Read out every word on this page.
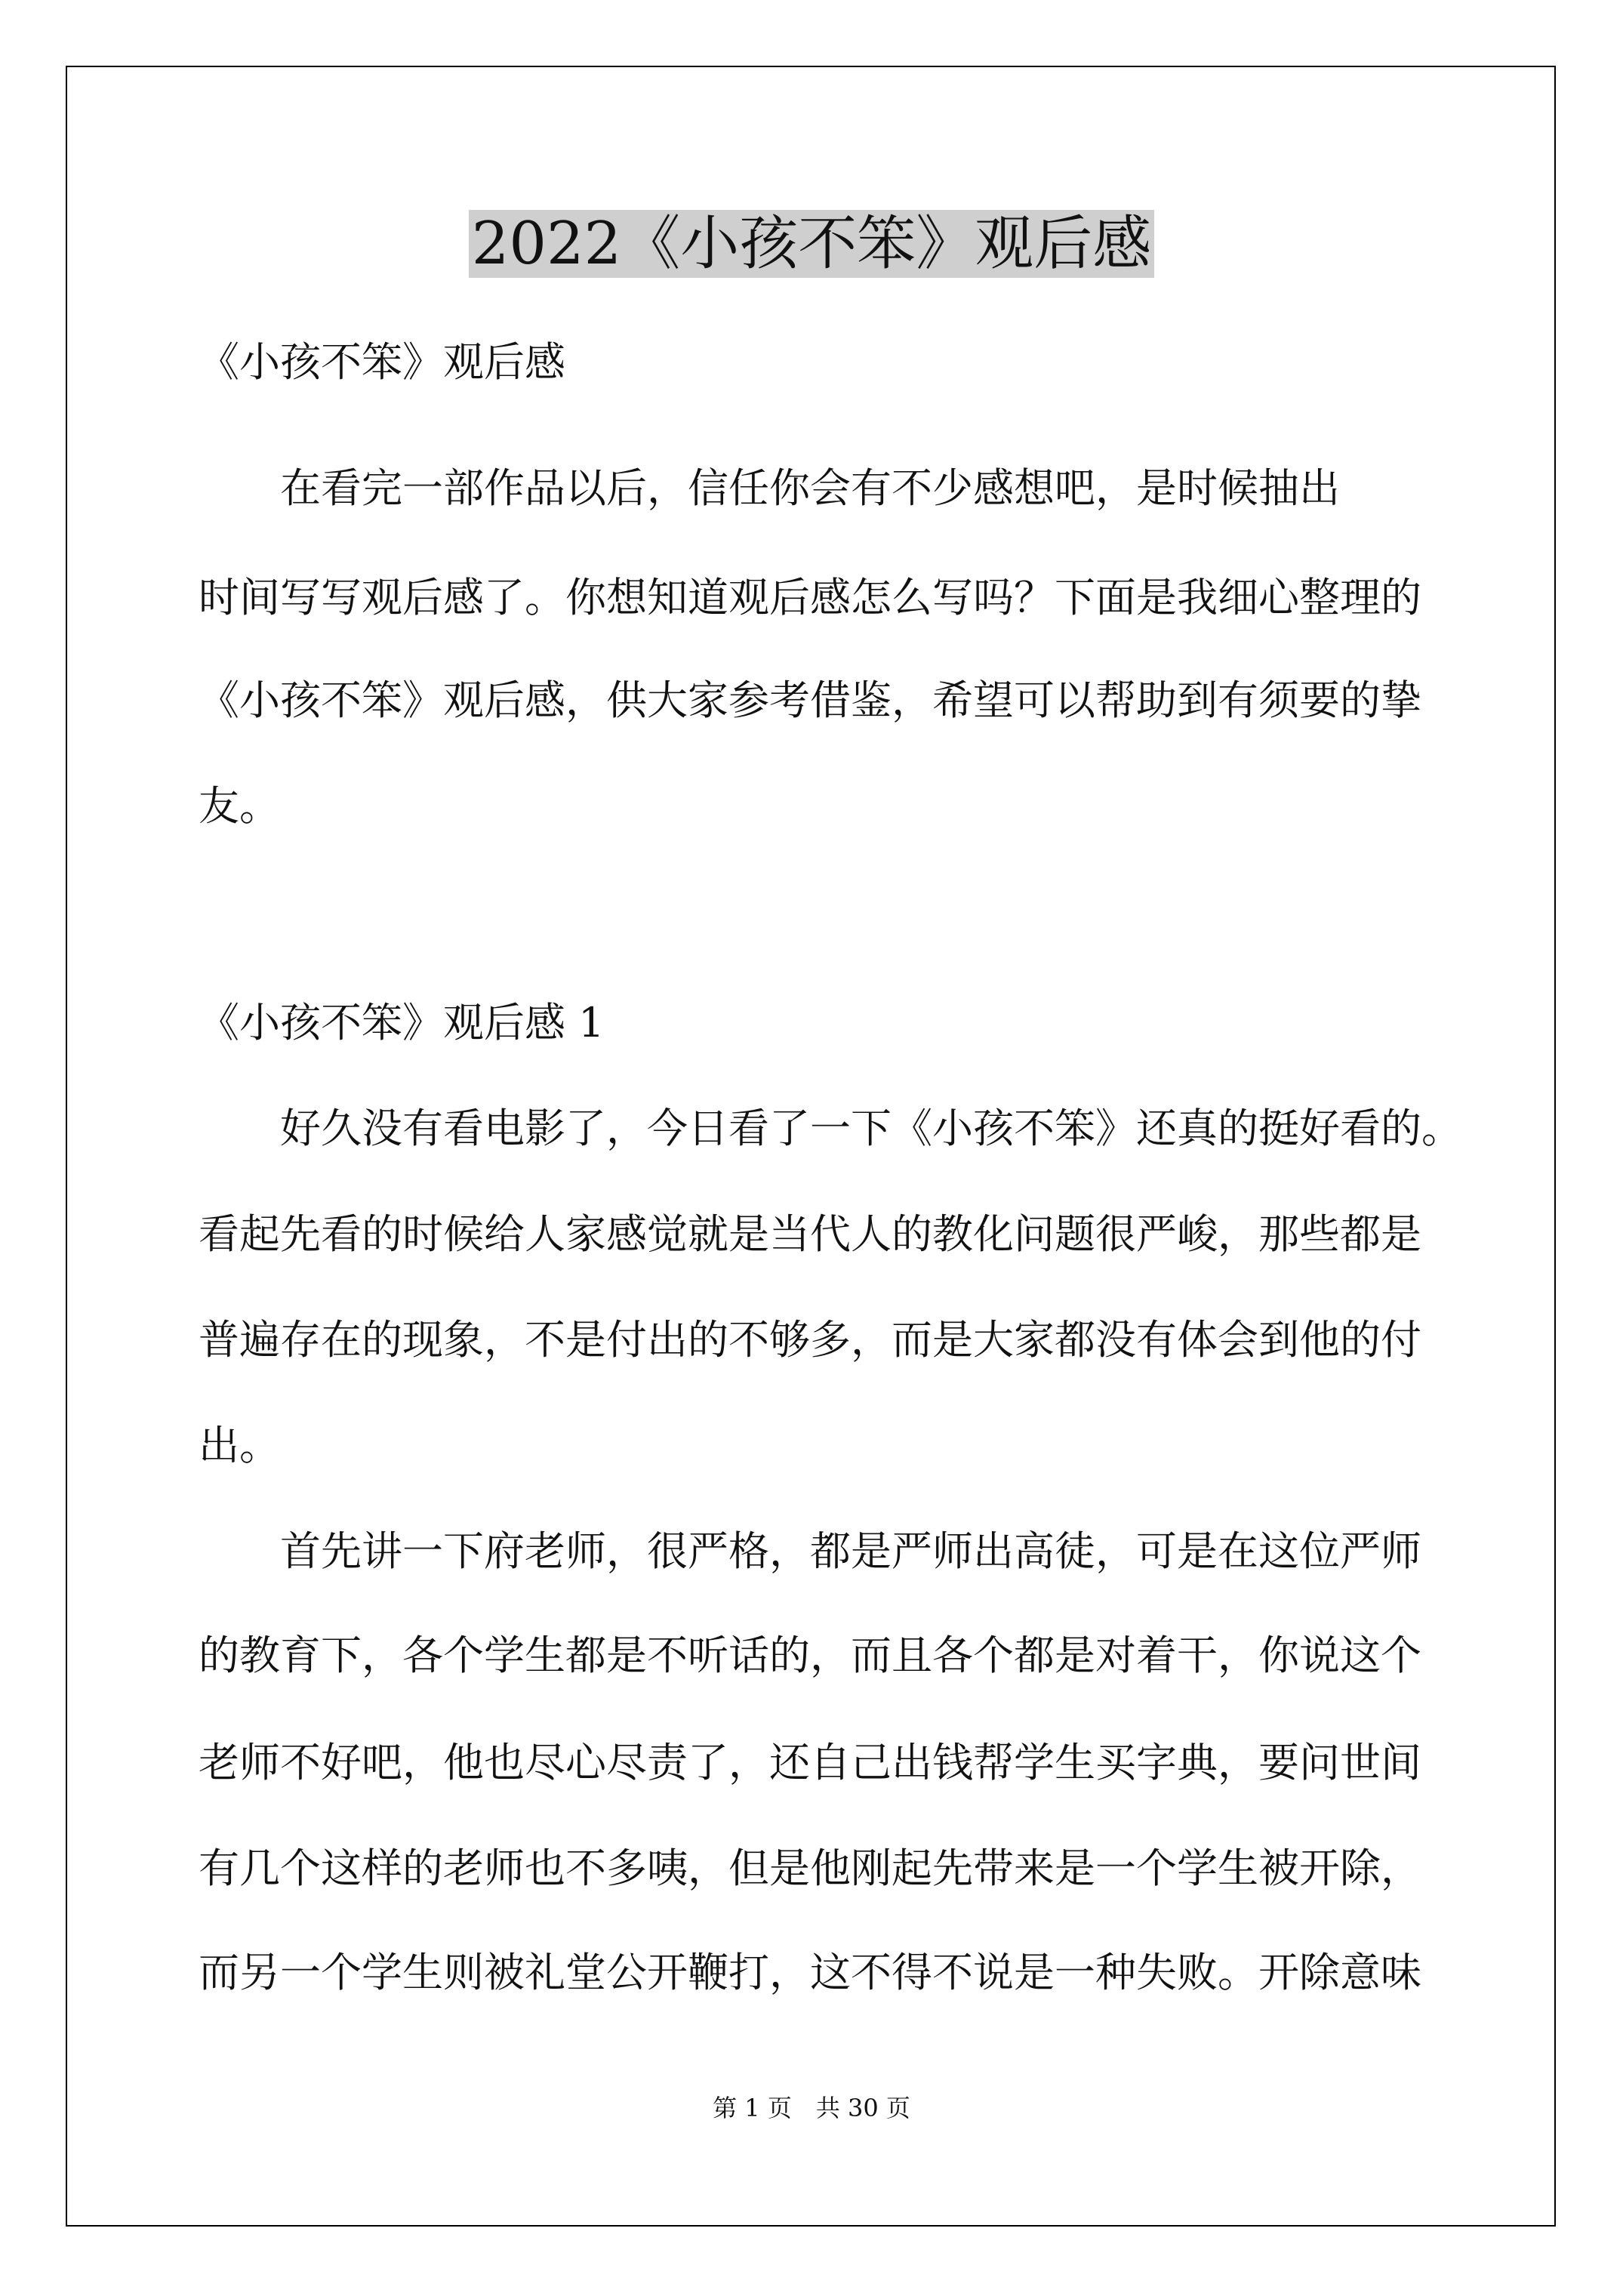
2022《小孩不笨》观后感
《小孩不笨》观后感
　　在看完一部作品以后，信任你会有不少感想吧，是时候抽出
时间写写观后感了。你想知道观后感怎么写吗？下面是我细心整理的
《小孩不笨》观后感，供大家参考借鉴，希望可以帮助到有须要的挚
友。
《小孩不笨》观后感 1
　　好久没有看电影了，今日看了一下《小孩不笨》还真的挺好看的。
看起先看的时候给人家感觉就是当代人的教化问题很严峻，那些都是
普遍存在的现象，不是付出的不够多，而是大家都没有体会到他的付
出。
　　首先讲一下府老师，很严格，都是严师出高徒，可是在这位严师
的教育下，各个学生都是不听话的，而且各个都是对着干，你说这个
老师不好吧，他也尽心尽责了，还自己出钱帮学生买字典，要问世间
有几个这样的老师也不多咦，但是他刚起先带来是一个学生被开除，
而另一个学生则被礼堂公开鞭打，这不得不说是一种失败。开除意味
第 1 页　共 30 页
